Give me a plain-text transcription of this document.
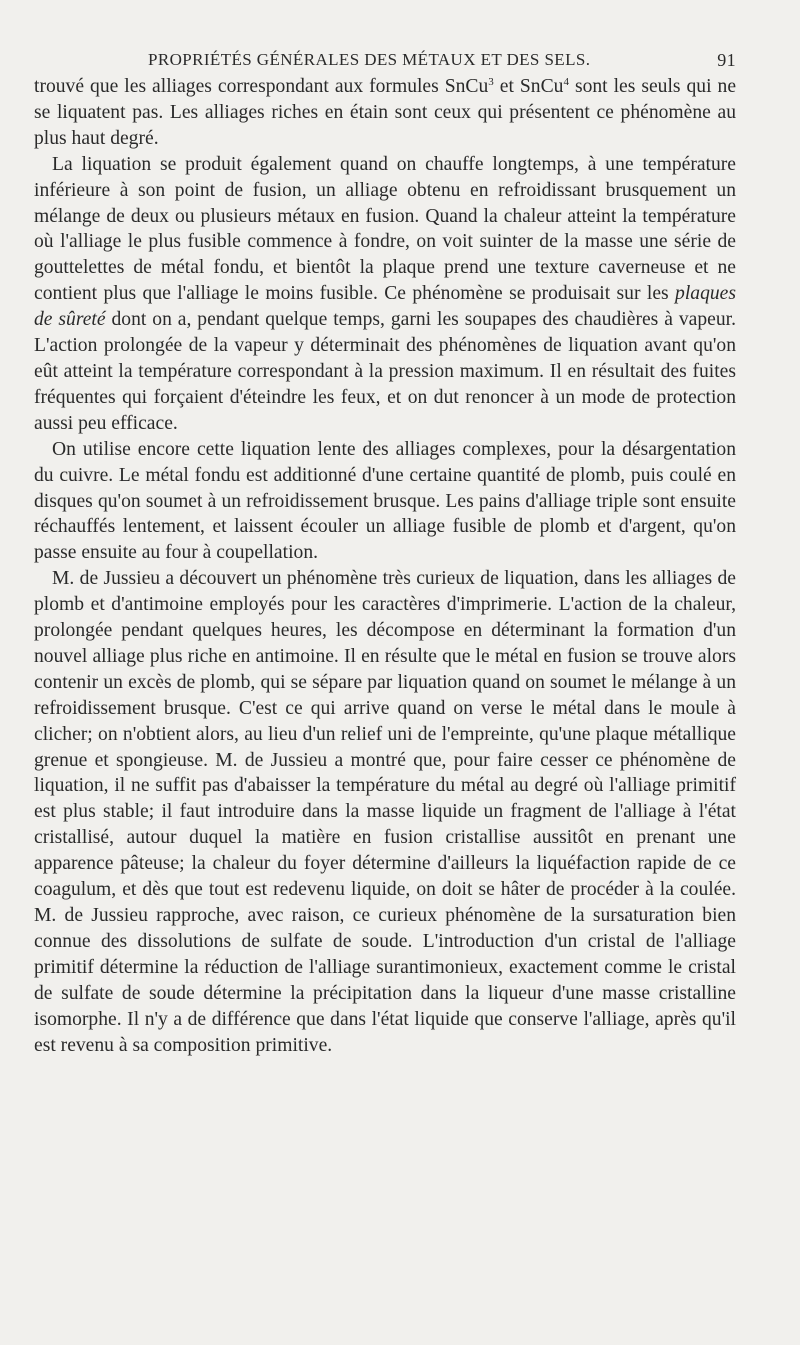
PROPRIÉTÉS GÉNÉRALES DES MÉTAUX ET DES SELS.	91

trouvé que les alliages correspondant aux formules SnCu$^3$ et SnCu$^4$ sont les seuls qui ne se liquatent pas. Les alliages riches en étain sont ceux qui présentent ce phénomène au plus haut degré.

La liquation se produit également quand on chauffe longtemps, à une température inférieure à son point de fusion, un alliage obtenu en refroidissant brusquement un mélange de deux ou plusieurs métaux en fusion. Quand la chaleur atteint la température où l'alliage le plus fusible commence à fondre, on voit suinter de la masse une série de gouttelettes de métal fondu, et bientôt la plaque prend une texture caverneuse et ne contient plus que l'alliage le moins fusible. Ce phénomène se produisait sur les plaques de sûreté dont on a, pendant quelque temps, garni les soupapes des chaudières à vapeur. L'action prolongée de la vapeur y déterminait des phénomènes de liquation avant qu'on eût atteint la température correspondant à la pression maximum. Il en résultait des fuites fréquentes qui forçaient d'éteindre les feux, et on dut renoncer à un mode de protection aussi peu efficace.

On utilise encore cette liquation lente des alliages complexes, pour la désargentation du cuivre. Le métal fondu est additionné d'une certaine quantité de plomb, puis coulé en disques qu'on soumet à un refroidissement brusque. Les pains d'alliage triple sont ensuite réchauffés lentement, et laissent écouler un alliage fusible de plomb et d'argent, qu'on passe ensuite au four à coupellation.

M. de Jussieu a découvert un phénomène très curieux de liquation, dans les alliages de plomb et d'antimoine employés pour les caractères d'imprimerie. L'action de la chaleur, prolongée pendant quelques heures, les décompose en déterminant la formation d'un nouvel alliage plus riche en antimoine. Il en résulte que le métal en fusion se trouve alors contenir un excès de plomb, qui se sépare par liquation quand on soumet le mélange à un refroidissement brusque. C'est ce qui arrive quand on verse le métal dans le moule à clicher; on n'obtient alors, au lieu d'un relief uni de l'empreinte, qu'une plaque métallique grenue et spongieuse. M. de Jussieu a montré que, pour faire cesser ce phénomène de liquation, il ne suffit pas d'abaisser la température du métal au degré où l'alliage primitif est plus stable; il faut introduire dans la masse liquide un fragment de l'alliage à l'état cristallisé, autour duquel la matière en fusion cristallise aussitôt en prenant une apparence pâteuse; la chaleur du foyer détermine d'ailleurs la liquéfaction rapide de ce coagulum, et dès que tout est redevenu liquide, on doit se hâter de procéder à la coulée. M. de Jussieu rapproche, avec raison, ce curieux phénomène de la sursaturation bien connue des dissolutions de sulfate de soude. L'introduction d'un cristal de l'alliage primitif détermine la réduction de l'alliage surantimonieux, exactement comme le cristal de sulfate de soude détermine la précipitation dans la liqueur d'une masse cristalline isomorphe. Il n'y a de différence que dans l'état liquide que conserve l'alliage, après qu'il est revenu à sa composition primitive.
